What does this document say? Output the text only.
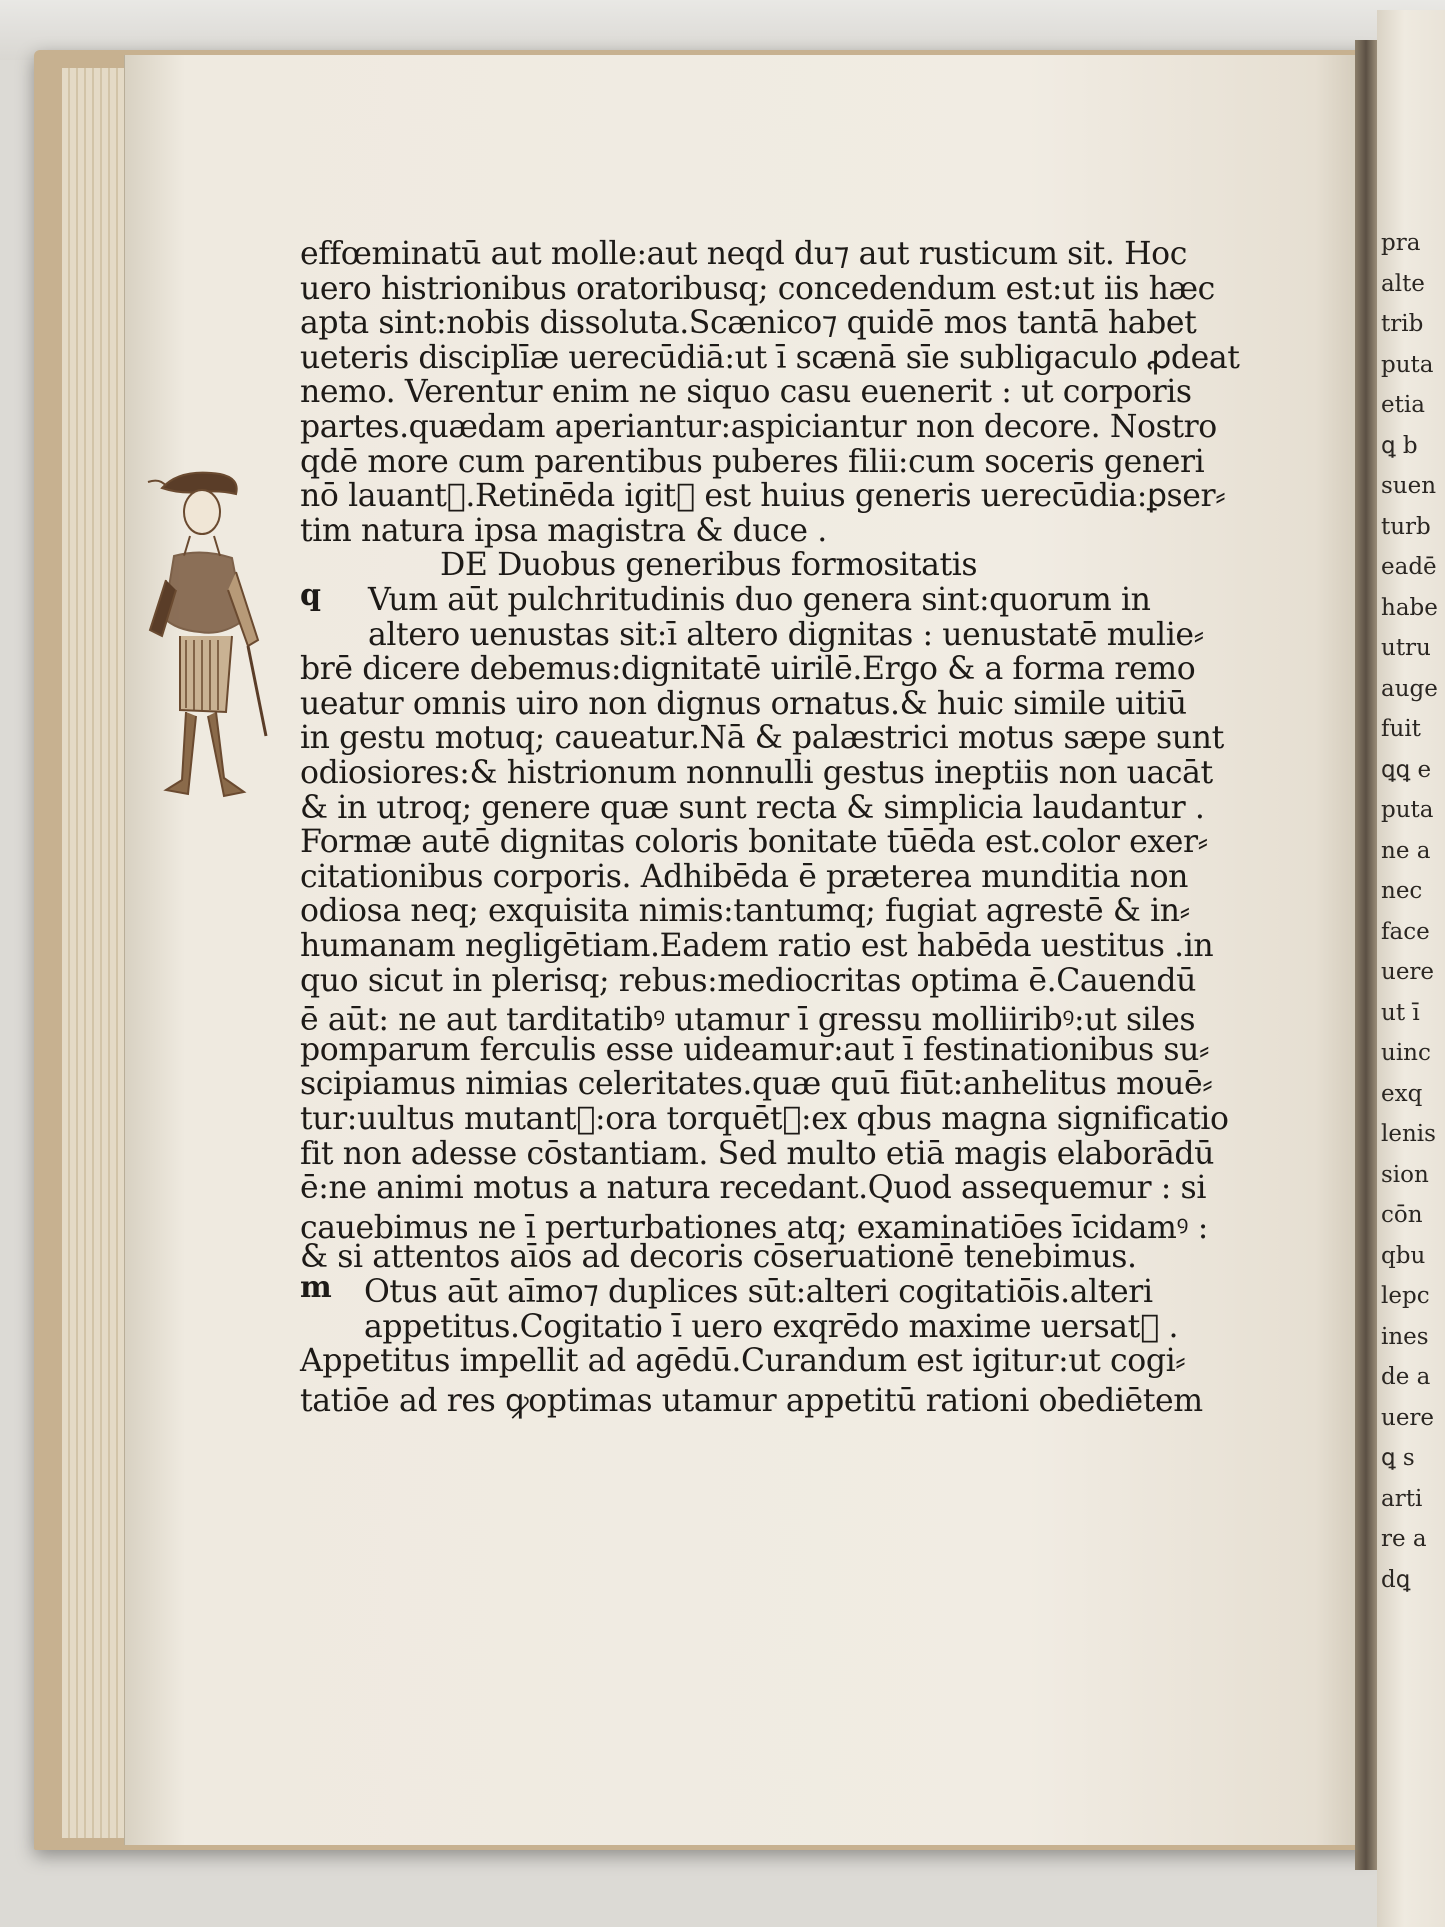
pra
alte
trib
puta
etia
ꝗ b
suen
turb
eadē
habe
utru
auge
fuit
ꝗꝗ e
puta
ne a
nec
face
uere
ut ī
uinc
exq
lenis
sion
cōn
qbu
lepc
ines
de a
uere
ꝗ s
arti
re a
dꝗ
effœminatū aut molle:aut neqd du⁊ aut rusticum sit. Hoc
uero histrionibus oratoribusq; concedendum est:ut iis hæc
apta sint:nobis dissoluta.Scænico⁊ quidē mos tantā habet
ueteris disciplīæ uerecūdiā:ut ī scænā sīe subligaculo ꝓdeat
nemo. Verentur enim ne siquo casu euenerit : ut corporis
partes.quædam aperiantur:aspiciantur non decore. Nostro
qdē more cum parentibus puberes filii:cum soceris generi
nō lauant᷑.Retinēda igit᷑ est huius generis uerecūdia:ꝑser⸗
tim natura ipsa magistra & duce .
DE Duobus generibus formositatis
Vum aūt pulchritudinis duo genera sint:quorum in
altero uenustas sit:ī altero dignitas : uenustatē mulie⸗
brē dicere debemus:dignitatē uirilē.Ergo & a forma remo
ueatur omnis uiro non dignus ornatus.& huic simile uitiū
in gestu motuq; caueatur.Nā & palæstrici motus sæpe sunt
odiosiores:& histrionum nonnulli gestus ineptiis non uacāt
& in utroq; genere quæ sunt recta & simplicia laudantur .
Formæ autē dignitas coloris bonitate tūēda est.color exer⸗
citationibus corporis. Adhibēda ē præterea munditia non
odiosa neq; exquisita nimis:tantumq; fugiat agrestē & in⸗
humanam negligētiam.Eadem ratio est habēda uestitus .in
quo sicut in plerisq; rebus:mediocritas optima ē.Cauendū
ē aūt: ne aut tarditatibꝰ utamur ī gressu molliiribꝰ:ut siles
pomparum ferculis esse uideamur:aut ī festinationibus su⸗
scipiamus nimias celeritates.quæ quū fiūt:anhelitus mouē⸗
tur:uultus mutant᷑:ora torquēt᷑:ex qbus magna significatio
fit non adesse cōstantiam. Sed multo etiā magis elaborādū
ē:ne animi motus a natura recedant.Quod assequemur : si
cauebimus ne ī perturbationes atq; examinatiōes īcidamꝰ :
& si attentos aīos ad decoris cōseruationē tenebimus.
q
Otus aūt aīmo⁊ duplices sūt:alteri cogitatiōis.alteri
appetitus.Cogitatio ī uero exqrēdo maxime uersat᷑ .
Appetitus impellit ad agēdū.Curandum est igitur:ut cogi⸗
tatiōe ad res ꝙoptimas utamur appetitū rationi obediētem
m
